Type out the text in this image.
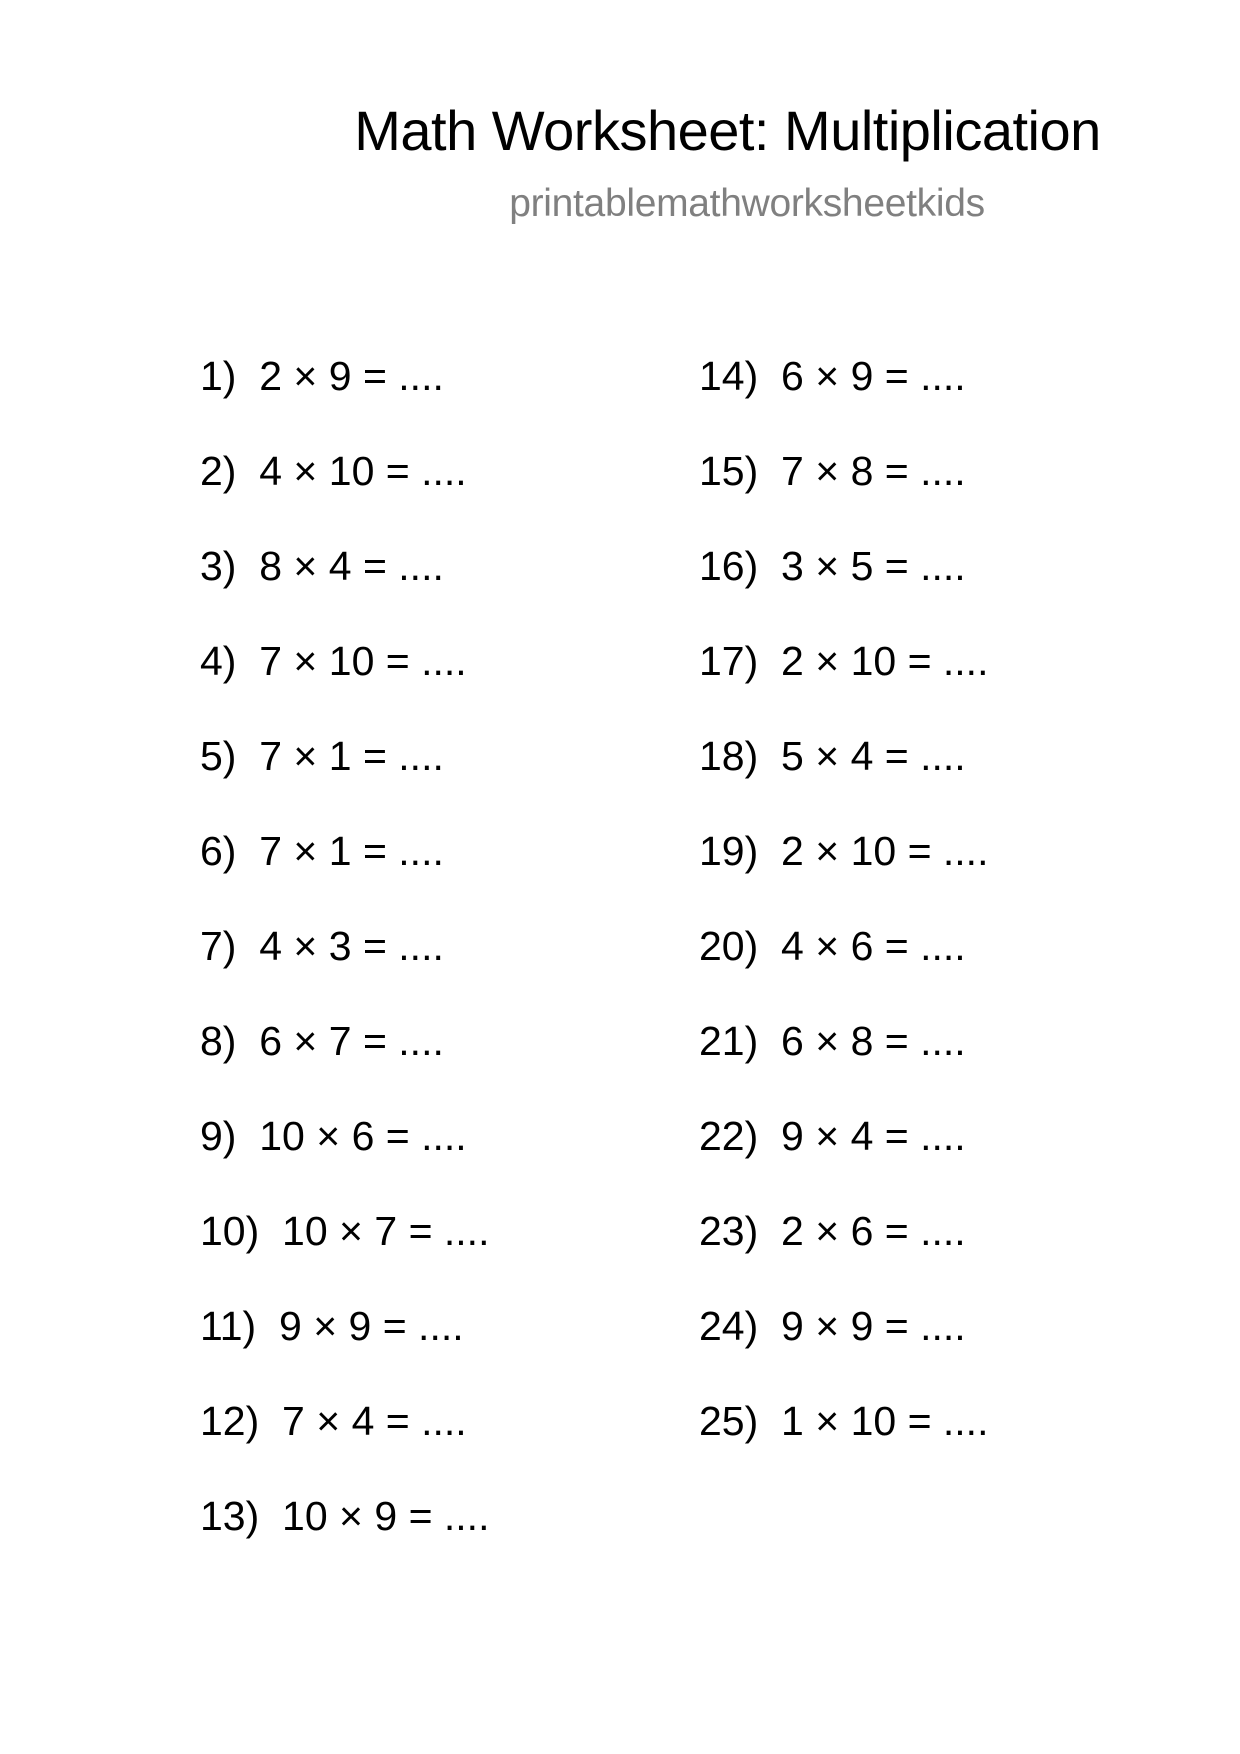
Math Worksheet: Multiplication
printablemathworksheetkids
1)  2 × 9 = ....
2)  4 × 10 = ....
3)  8 × 4 = ....
4)  7 × 10 = ....
5)  7 × 1 = ....
6)  7 × 1 = ....
7)  4 × 3 = ....
8)  6 × 7 = ....
9)  10 × 6 = ....
10)  10 × 7 = ....
11)  9 × 9 = ....
12)  7 × 4 = ....
13)  10 × 9 = ....
14)  6 × 9 = ....
15)  7 × 8 = ....
16)  3 × 5 = ....
17)  2 × 10 = ....
18)  5 × 4 = ....
19)  2 × 10 = ....
20)  4 × 6 = ....
21)  6 × 8 = ....
22)  9 × 4 = ....
23)  2 × 6 = ....
24)  9 × 9 = ....
25)  1 × 10 = ....
